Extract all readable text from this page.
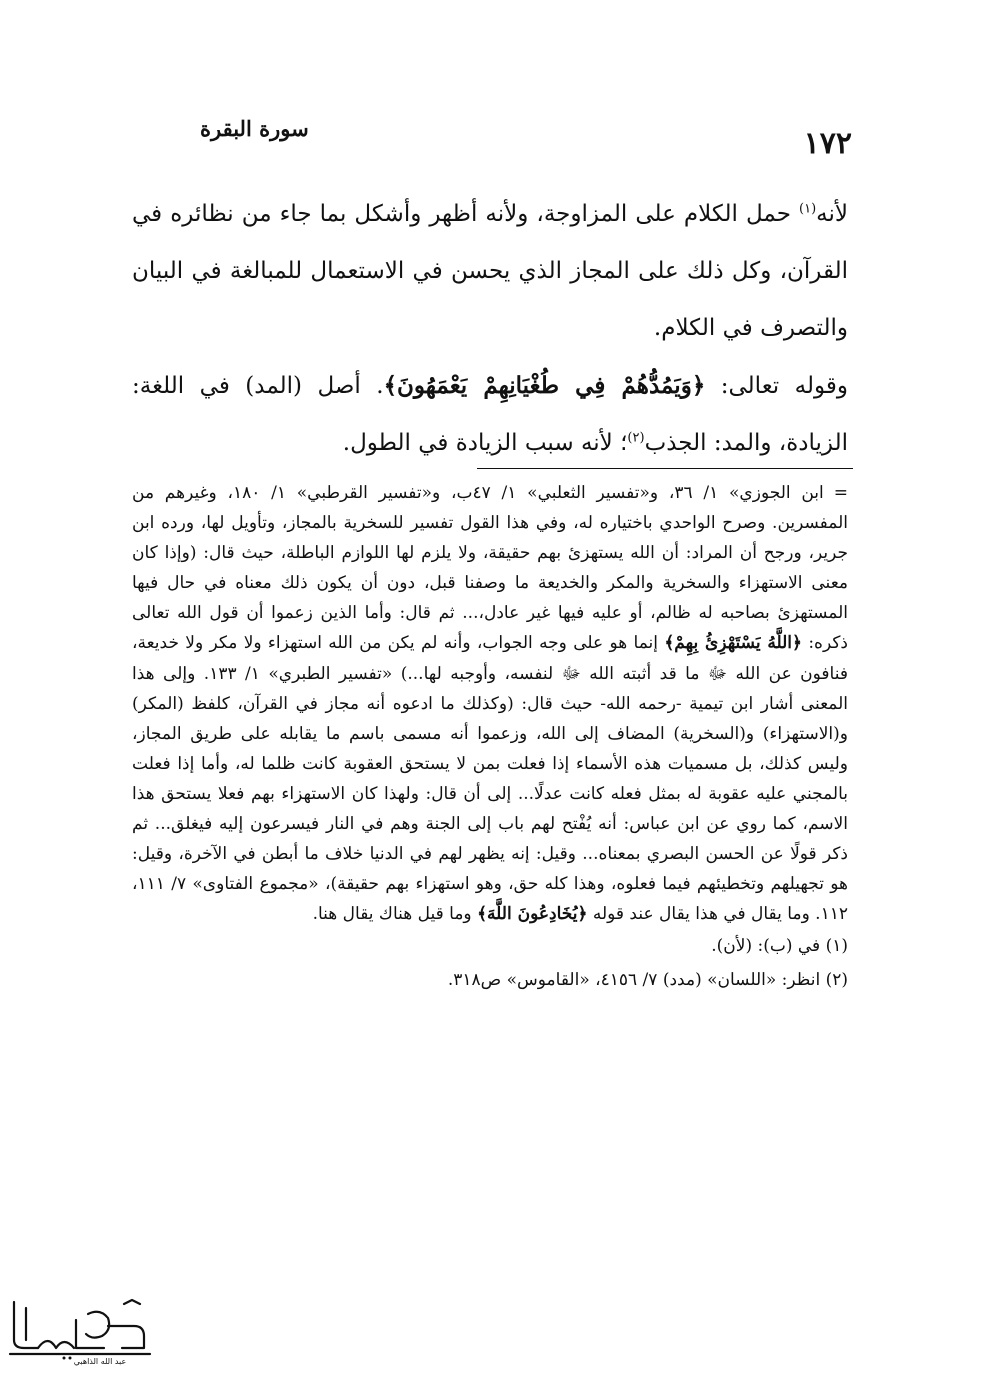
سورة البقرة	١٧٢

لأنه$^{(١)}$ حمل الكلام على المزاوجة، ولأنه أظهر وأشكل بما جاء من نظائره في القرآن، وكل ذلك على المجاز الذي يحسن في الاستعمال للمبالغة في البيان والتصرف في الكلام.

وقوله تعالى: ﴿وَيَمُدُّهُمْ فِي طُغْيَانِهِمْ يَعْمَهُونَ﴾. أصل (المد) في اللغة: الزيادة، والمد: الجذب$^{(٢)}$؛ لأنه سبب الزيادة في الطول.

=ابن الجوزي» ١/ ٣٦، و«تفسير الثعلبي» ١/ ٤٧ب، و«تفسير القرطبي» ١/ ١٨٠، وغيرهم من المفسرين. وصرح الواحدي باختياره له، وفي هذا القول تفسير للسخرية بالمجاز، وتأويل لها، ورده ابن جرير، ورجح أن المراد: أن الله يستهزئ بهم حقيقة، ولا يلزم لها اللوازم الباطلة، حيث قال: (وإذا كان معنى الاستهزاء والسخرية والمكر والخديعة ما وصفنا قبل، دون أن يكون ذلك معناه في حال فيها المستهزئ بصاحبه له ظالم، أو عليه فيها غير عادل،... ثم قال: وأما الذين زعموا أن قول الله تعالى ذكره: ﴿اللَّهُ يَسْتَهْزِئُ بِهِمْ﴾ إنما هو على وجه الجواب، وأنه لم يكن من الله استهزاء ولا مكر ولا خديعة، فنافون عن الله ﷻ ما قد أثبته الله ﷻ لنفسه، وأوجبه لها...) «تفسير الطبري» ١/ ١٣٣. وإلى هذا المعنى أشار ابن تيمية -رحمه الله- حيث قال: (وكذلك ما ادعوه أنه مجاز في القرآن، كلفظ (المكر) و(الاستهزاء) و(السخرية) المضاف إلى الله، وزعموا أنه مسمى باسم ما يقابله على طريق المجاز، وليس كذلك، بل مسميات هذه الأسماء إذا فعلت بمن لا يستحق العقوبة كانت ظلما له، وأما إذا فعلت بالمجني عليه عقوبة له بمثل فعله كانت عدلًا... إلى أن قال: ولهذا كان الاستهزاء بهم فعلا يستحق هذا الاسم، كما روي عن ابن عباس: أنه يُفْتح لهم باب إلى الجنة وهم في النار فيسرعون إليه فيغلق... ثم ذكر قولًا عن الحسن البصري بمعناه... وقيل: إنه يظهر لهم في الدنيا خلاف ما أبطن في الآخرة، وقيل: هو تجهيلهم وتخطيئهم فيما فعلوه، وهذا كله حق، وهو استهزاء بهم حقيقة)، «مجموع الفتاوى» ٧/ ١١١، ١١٢. وما يقال في هذا يقال عند قوله ﴿يُخَادِعُونَ اللَّهَ﴾ وما قيل هناك يقال هنا.

(١) في (ب): (لأن).

(٢) انظر: «اللسان» (مدد) ٧/ ٤١٥٦، «القاموس» ص٣١٨.

عبد الله الذاهبي
المسيـ هما
